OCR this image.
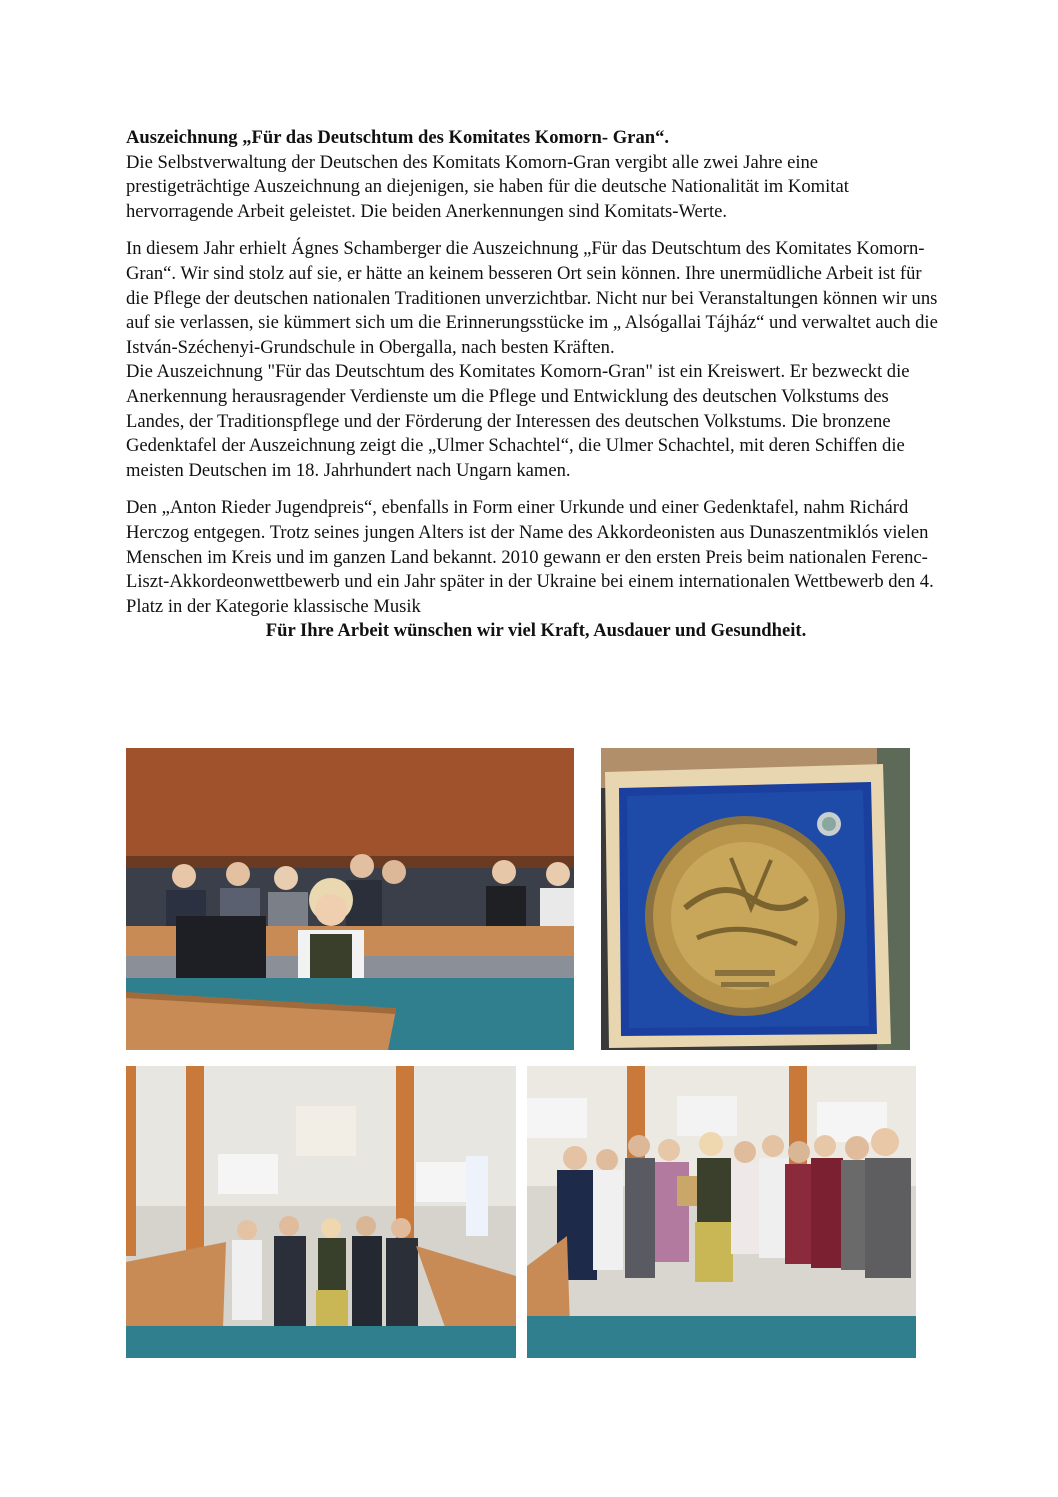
Auszeichnung „Für das Deutschtum des Komitates Komorn- Gran“.

Die Selbstverwaltung der Deutschen des Komitats Komorn-Gran vergibt alle zwei Jahre eine prestigeträchtige Auszeichnung an diejenigen, sie haben für die deutsche Nationalität im Komitat hervorragende Arbeit geleistet. Die beiden Anerkennungen sind Komitats-Werte.

In diesem Jahr erhielt Ágnes Schamberger die Auszeichnung „Für das Deutschtum des Komitates Komorn- Gran“. Wir sind stolz auf sie, er hätte an keinem besseren Ort sein können. Ihre unermüdliche Arbeit ist für die Pflege der deutschen nationalen Traditionen unverzichtbar. Nicht nur bei Veranstaltungen können wir uns auf sie verlassen, sie kümmert sich um die Erinnerungsstücke im „ Alsógallai Tájház“ und verwaltet auch die István-Széchenyi-Grundschule in Obergalla, nach besten Kräften.

Die Auszeichnung "Für das Deutschtum des Komitates Komorn-Gran" ist ein Kreiswert. Er bezweckt die Anerkennung herausragender Verdienste um die Pflege und Entwicklung des deutschen Volkstums des Landes, der Traditionspflege und der Förderung der Interessen des deutschen Volkstums. Die bronzene Gedenktafel der Auszeichnung zeigt die „Ulmer Schachtel“, die Ulmer Schachtel, mit deren Schiffen die meisten Deutschen im 18. Jahrhundert nach Ungarn kamen.

Den „Anton Rieder Jugendpreis“, ebenfalls in Form einer Urkunde und einer Gedenktafel, nahm Richárd Herczog entgegen. Trotz seines jungen Alters ist der Name des Akkordeonisten aus Dunaszentmiklós vielen Menschen im Kreis und im ganzen Land bekannt. 2010 gewann er den ersten Preis beim nationalen Ferenc-Liszt-Akkordeonwettbewerb und ein Jahr später in der Ukraine bei einem internationalen Wettbewerb den 4. Platz in der Kategorie klassische Musik

Für Ihre Arbeit wünschen wir viel Kraft, Ausdauer und Gesundheit.
